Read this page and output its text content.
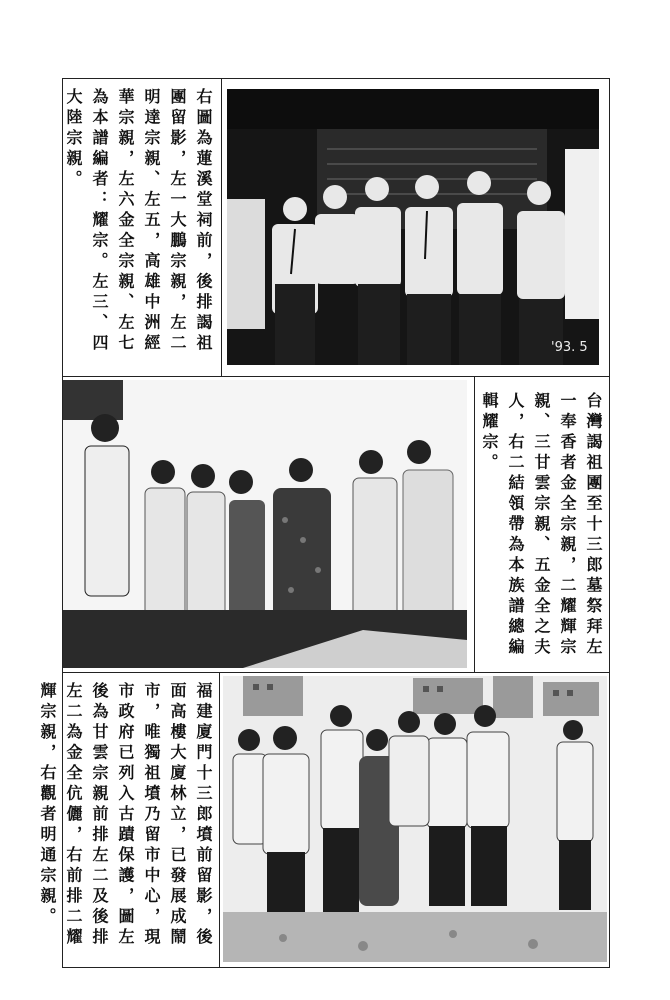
右圖為蓮溪堂祠前，後排謁祖團留影，左一大鵬宗親，左二明達宗親、左五，高雄中洲經華宗親，左六金全宗親、左七為本譜編者：耀宗。左三、四大陸宗親。
'93. 5
台灣謁祖團至十三郎墓祭拜左一奉香者金全宗親，二耀輝宗親、三甘雲宗親、五金全之夫人，右二結領帶為本族譜總編輯耀宗。
福建廈門十三郎墳前留影，後面高樓大廈林立，已發展成鬧市，唯獨祖墳乃留市中心，現市政府已列入古蹟保護，圖左後為甘雲宗親前排左二及後排左二為金全伉儷，右前排二耀輝宗親，右觀者明通宗親。
